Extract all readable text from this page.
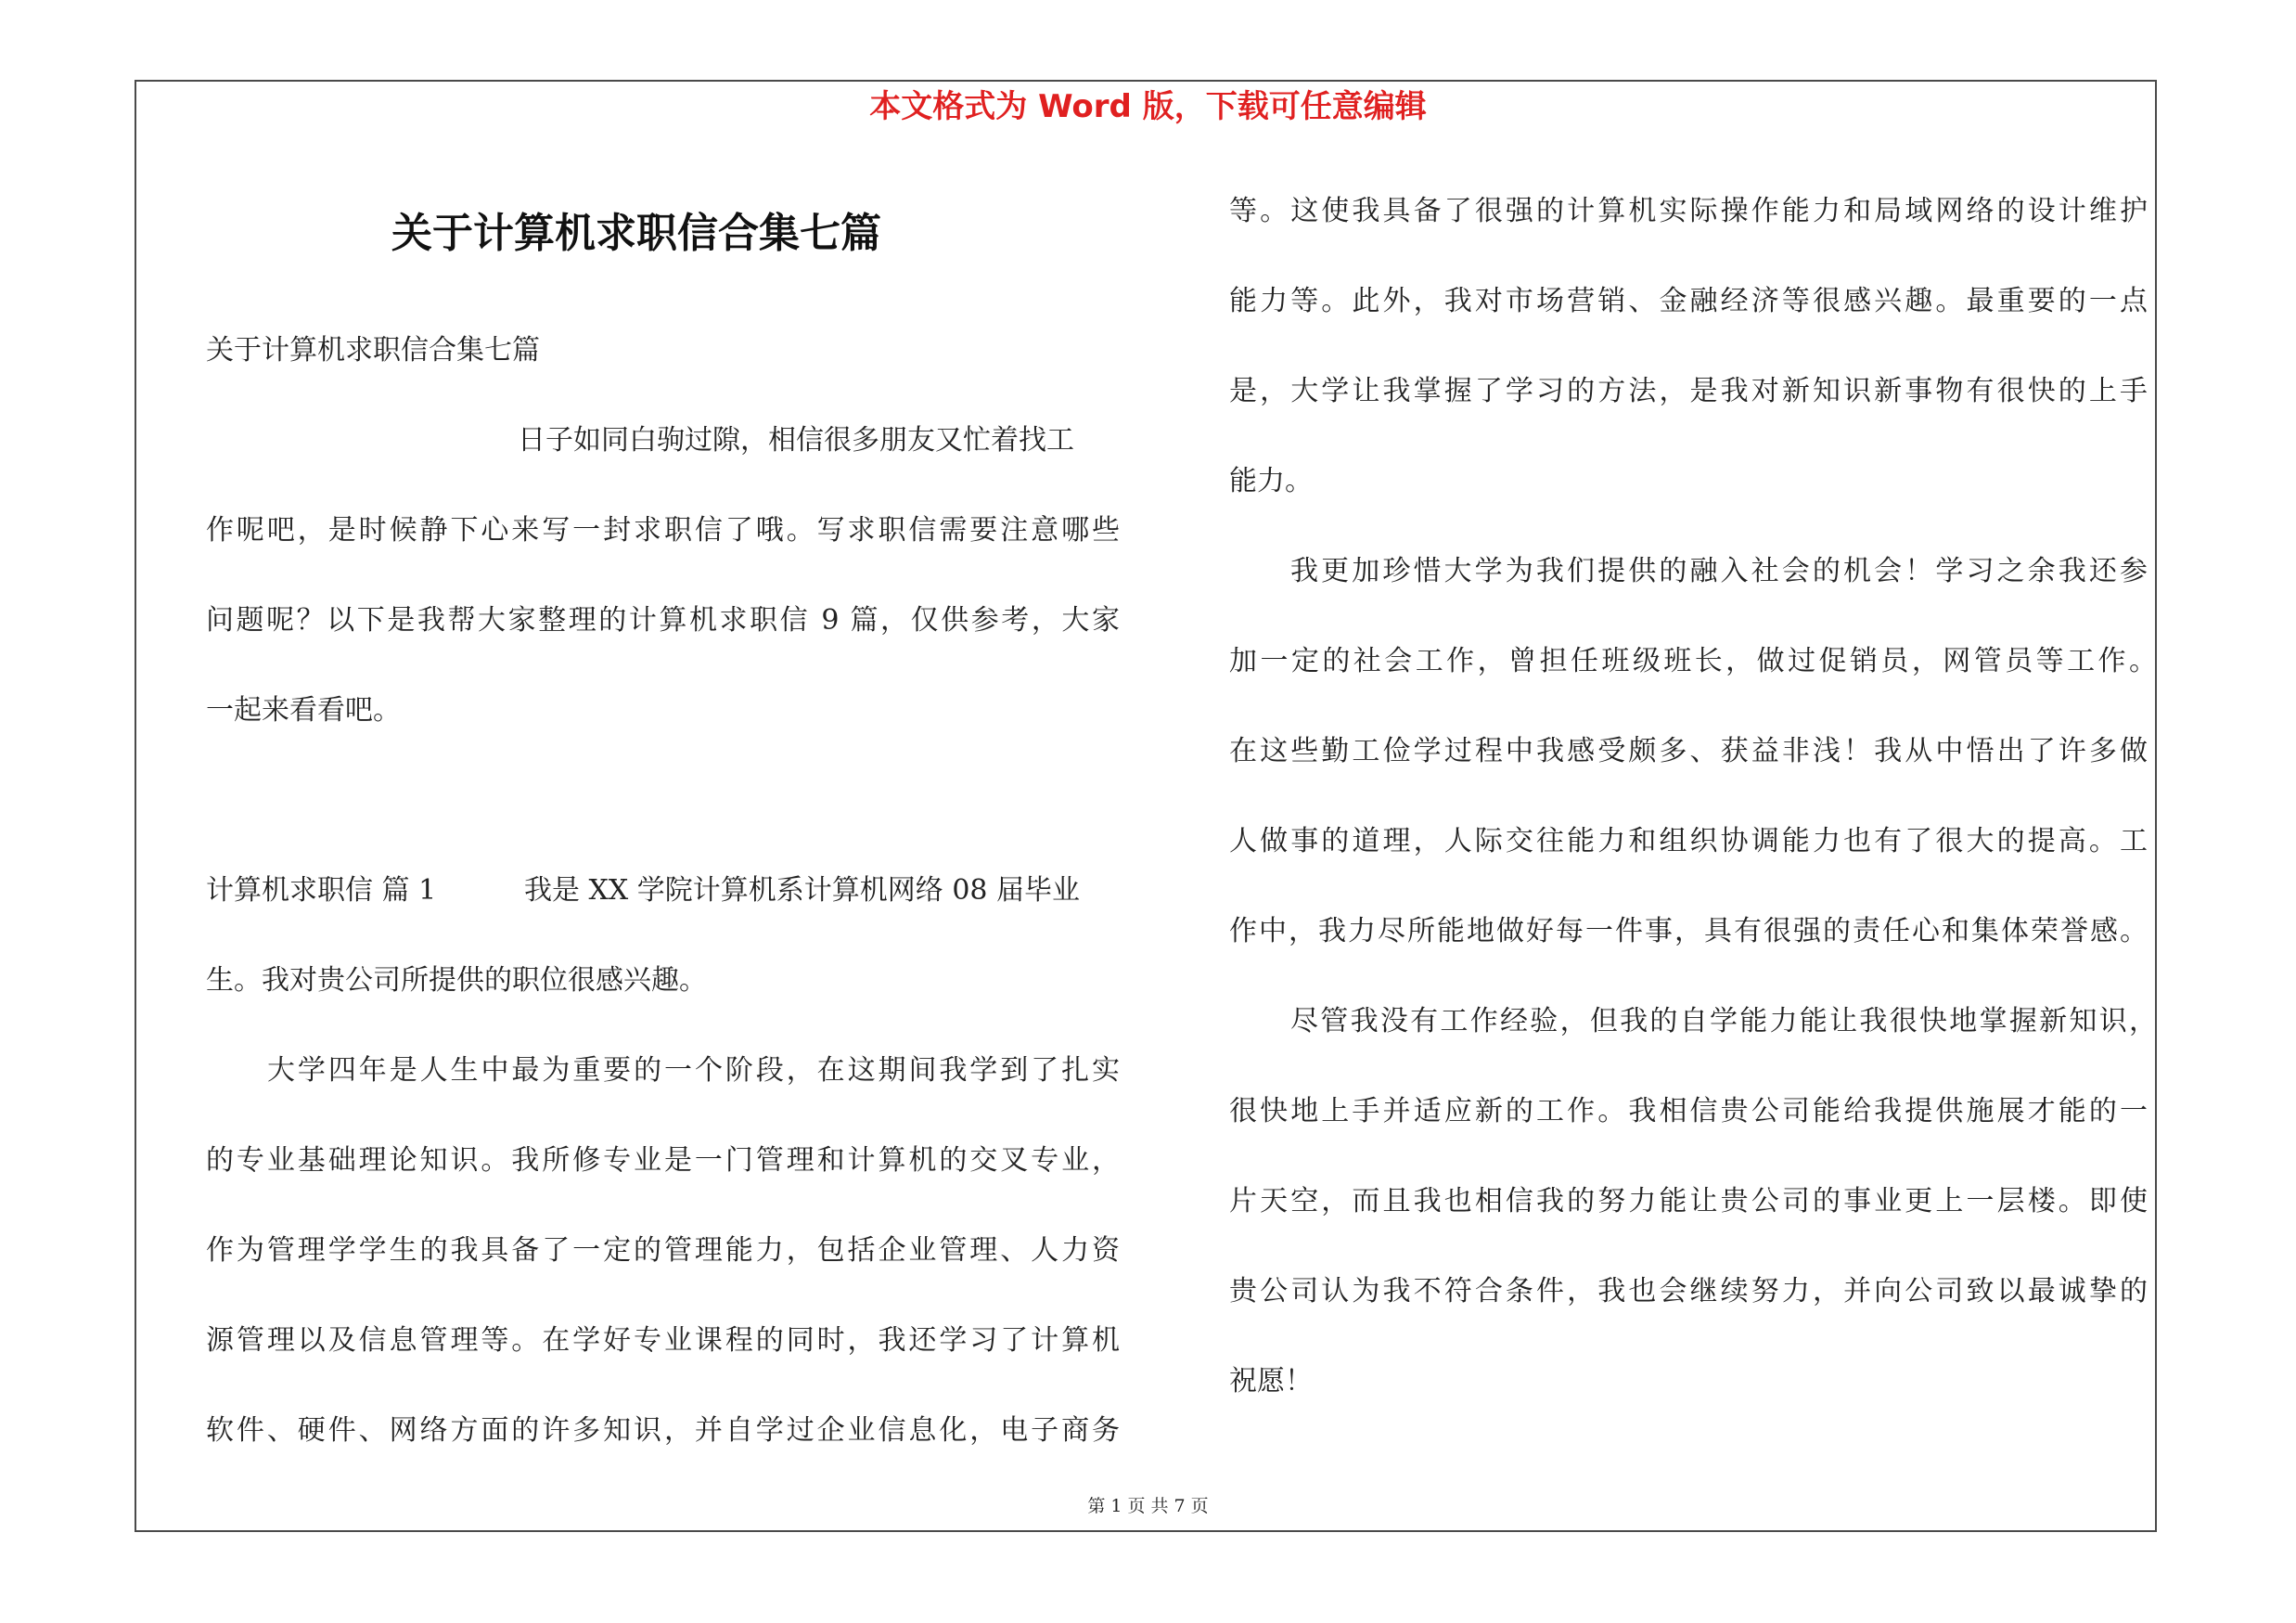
本文格式为 Word 版，下载可任意编辑
关于计算机求职信合集七篇
关于计算机求职信合集七篇
日子如同白驹过隙，相信很多朋友又忙着找工
作呢吧，是时候静下心来写一封求职信了哦。写求职信需要注意哪些
问题呢？以下是我帮大家整理的计算机求职信 9 篇，仅供参考，大家
一起来看看吧。
计算机求职信 篇 1	我是 XX 学院计算机系计算机网络 08 届毕业
生。我对贵公司所提供的职位很感兴趣。
大学四年是人生中最为重要的一个阶段，在这期间我学到了扎实
的专业基础理论知识。我所修专业是一门管理和计算机的交叉专业，
作为管理学学生的我具备了一定的管理能力，包括企业管理、人力资
源管理以及信息管理等。在学好专业课程的同时，我还学习了计算机
软件、硬件、网络方面的许多知识，并自学过企业信息化，电子商务
等。这使我具备了很强的计算机实际操作能力和局域网络的设计维护
能力等。此外，我对市场营销、金融经济等很感兴趣。最重要的一点
是，大学让我掌握了学习的方法，是我对新知识新事物有很快的上手
能力。
我更加珍惜大学为我们提供的融入社会的机会！学习之余我还参
加一定的社会工作，曾担任班级班长，做过促销员，网管员等工作。
在这些勤工俭学过程中我感受颇多、获益非浅！我从中悟出了许多做
人做事的道理，人际交往能力和组织协调能力也有了很大的提高。工
作中，我力尽所能地做好每一件事，具有很强的责任心和集体荣誉感。
尽管我没有工作经验，但我的自学能力能让我很快地掌握新知识，
很快地上手并适应新的工作。我相信贵公司能给我提供施展才能的一
片天空，而且我也相信我的努力能让贵公司的事业更上一层楼。即使
贵公司认为我不符合条件，我也会继续努力，并向公司致以最诚挚的
祝愿！
第 1 页 共 7 页
